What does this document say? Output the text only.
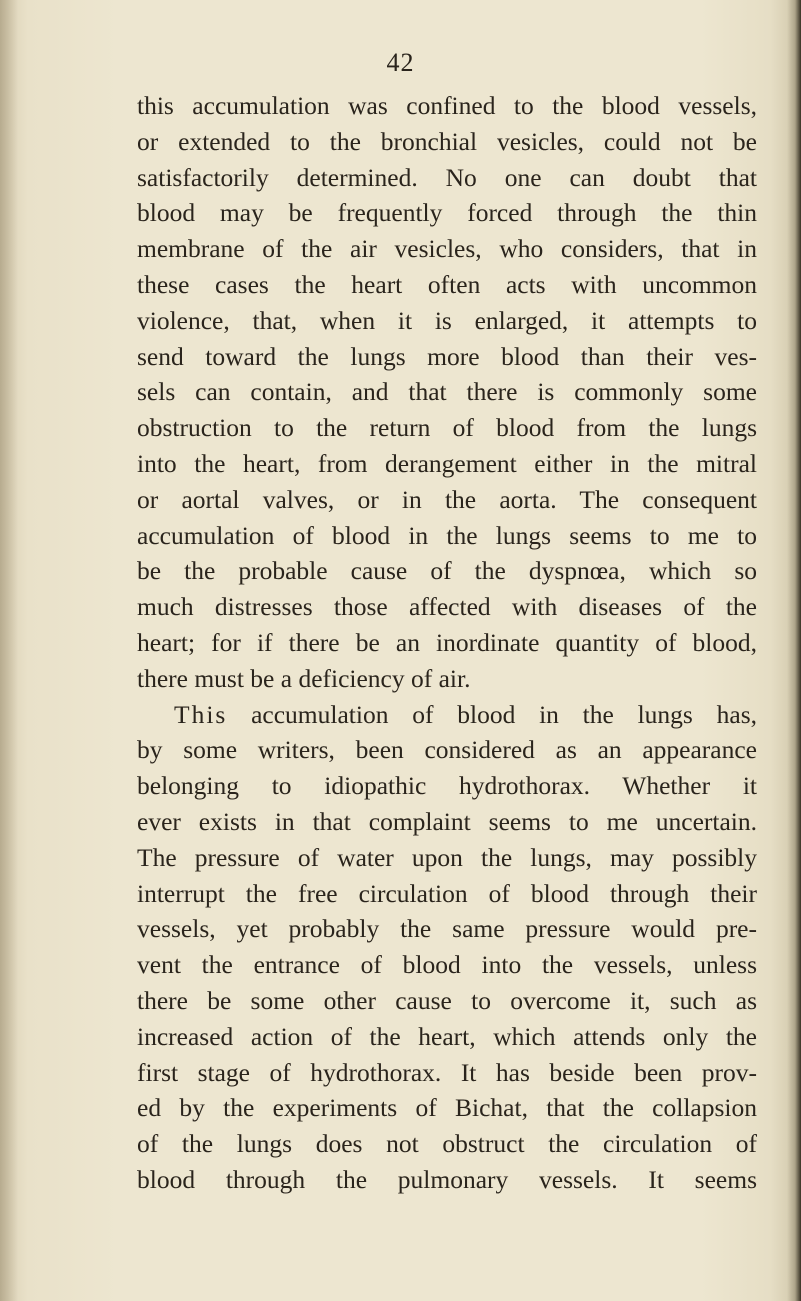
42
this accumulation was confined to the blood vessels,
or extended to the bronchial vesicles, could not be
satisfactorily determined. No one can doubt that
blood may be frequently forced through the thin
membrane of the air vesicles, who considers, that in
these cases the heart often acts with uncommon
violence, that, when it is enlarged, it attempts to
send toward the lungs more blood than their ves-
sels can contain, and that there is commonly some
obstruction to the return of blood from the lungs
into the heart, from derangement either in the mitral
or aortal valves, or in the aorta. The consequent
accumulation of blood in the lungs seems to me to
be the probable cause of the dyspnœa, which so
much distresses those affected with diseases of the
heart; for if there be an inordinate quantity of blood,
there must be a deficiency of air.
This accumulation of blood in the lungs has,
by some writers, been considered as an appearance
belonging to idiopathic hydrothorax. Whether it
ever exists in that complaint seems to me uncertain.
The pressure of water upon the lungs, may possibly
interrupt the free circulation of blood through their
vessels, yet probably the same pressure would pre-
vent the entrance of blood into the vessels, unless
there be some other cause to overcome it, such as
increased action of the heart, which attends only the
first stage of hydrothorax. It has beside been prov-
ed by the experiments of Bichat, that the collapsion
of the lungs does not obstruct the circulation of
blood through the pulmonary vessels. It seems
